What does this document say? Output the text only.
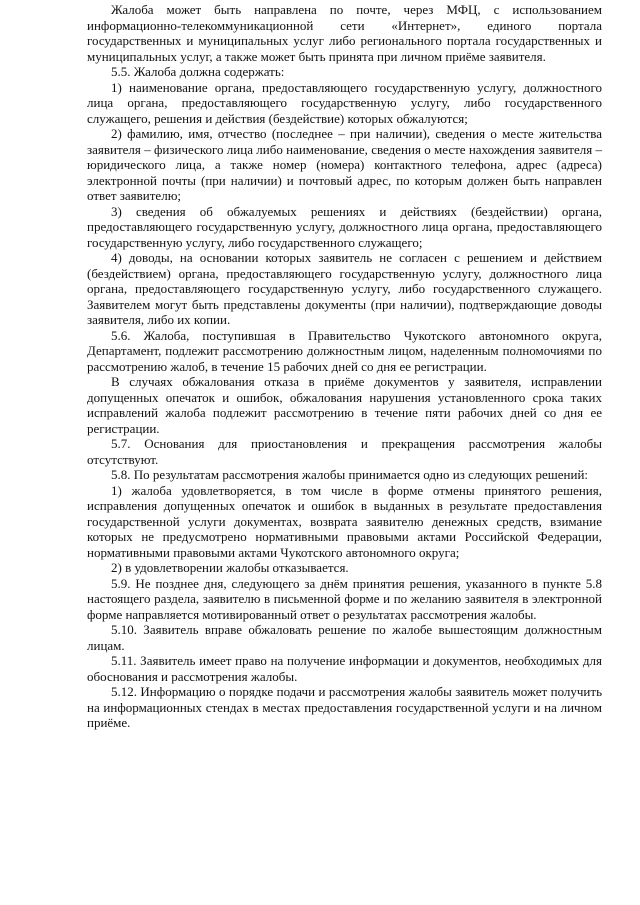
Жалоба может быть направлена по почте, через МФЦ, с использованием информационно-телекоммуникационной сети «Интернет», единого портала государственных и муниципальных услуг либо регионального портала государственных и муниципальных услуг, а также может быть принята при личном приёме заявителя.

5.5. Жалоба должна содержать:

1) наименование органа, предоставляющего государственную услугу, должностного лица органа, предоставляющего государственную услугу, либо государственного служащего, решения и действия (бездействие) которых обжалуются;

2) фамилию, имя, отчество (последнее – при наличии), сведения о месте жительства заявителя – физического лица либо наименование, сведения о месте нахождения заявителя – юридического лица, а также номер (номера) контактного телефона, адрес (адреса) электронной почты (при наличии) и почтовый адрес, по которым должен быть направлен ответ заявителю;

3) сведения об обжалуемых решениях и действиях (бездействии) органа, предоставляющего государственную услугу, должностного лица органа, предоставляющего государственную услугу, либо государственного служащего;

4) доводы, на основании которых заявитель не согласен с решением и действием (бездействием) органа, предоставляющего государственную услугу, должностного лица органа, предоставляющего государственную услугу, либо государственного служащего. Заявителем могут быть представлены документы (при наличии), подтверждающие доводы заявителя, либо их копии.

5.6. Жалоба, поступившая в Правительство Чукотского автономного округа, Департамент, подлежит рассмотрению должностным лицом, наделенным полномочиями по рассмотрению жалоб, в течение 15 рабочих дней со дня ее регистрации.

В случаях обжалования отказа в приёме документов у заявителя, исправлении допущенных опечаток и ошибок, обжалования нарушения установленного срока таких исправлений жалоба подлежит рассмотрению в течение пяти рабочих дней со дня ее регистрации.

5.7. Основания для приостановления и прекращения рассмотрения жалобы отсутствуют.

5.8. По результатам рассмотрения жалобы принимается одно из следующих решений:

1) жалоба удовлетворяется, в том числе в форме отмены принятого решения, исправления допущенных опечаток и ошибок в выданных в результате предоставления государственной услуги документах, возврата заявителю денежных средств, взимание которых не предусмотрено нормативными правовыми актами Российской Федерации, нормативными правовыми актами Чукотского автономного округа;

2) в удовлетворении жалобы отказывается.

5.9. Не позднее дня, следующего за днём принятия решения, указанного в пункте 5.8 настоящего раздела, заявителю в письменной форме и по желанию заявителя в электронной форме направляется мотивированный ответ о результатах рассмотрения жалобы.

5.10. Заявитель вправе обжаловать решение по жалобе вышестоящим должностным лицам.

5.11. Заявитель имеет право на получение информации и документов, необходимых для обоснования и рассмотрения жалобы.

5.12. Информацию о порядке подачи и рассмотрения жалобы заявитель может получить на информационных стендах в местах предоставления государственной услуги и на личном приёме.
